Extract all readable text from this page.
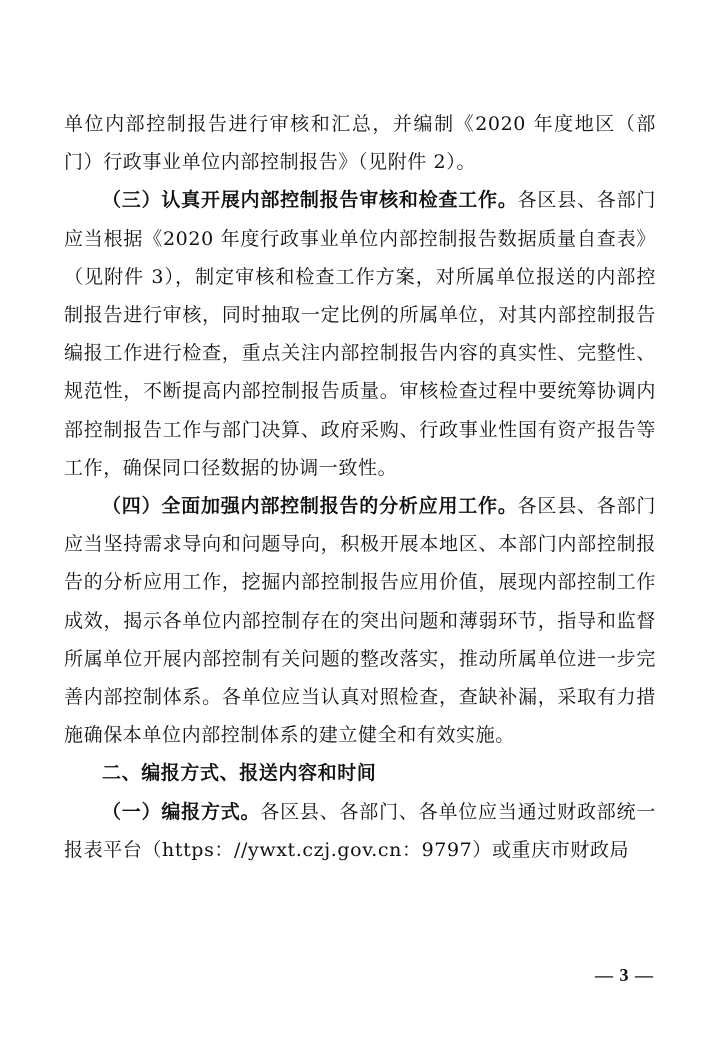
单位内部控制报告进行审核和汇总，并编制《2020 年度地区（部门）行政事业单位内部控制报告》（见附件 2）。

（三）认真开展内部控制报告审核和检查工作。各区县、各部门应当根据《2020 年度行政事业单位内部控制报告数据质量自查表》（见附件 3），制定审核和检查工作方案，对所属单位报送的内部控制报告进行审核，同时抽取一定比例的所属单位，对其内部控制报告编报工作进行检查，重点关注内部控制报告内容的真实性、完整性、规范性，不断提高内部控制报告质量。审核检查过程中要统筹协调内部控制报告工作与部门决算、政府采购、行政事业性国有资产报告等工作，确保同口径数据的协调一致性。

（四）全面加强内部控制报告的分析应用工作。各区县、各部门应当坚持需求导向和问题导向，积极开展本地区、本部门内部控制报告的分析应用工作，挖掘内部控制报告应用价值，展现内部控制工作成效，揭示各单位内部控制存在的突出问题和薄弱环节，指导和监督所属单位开展内部控制有关问题的整改落实，推动所属单位进一步完善内部控制体系。各单位应当认真对照检查，查缺补漏，采取有力措施确保本单位内部控制体系的建立健全和有效实施。

二、编报方式、报送内容和时间

（一）编报方式。各区县、各部门、各单位应当通过财政部统一报表平台（https：//ywxt.czj.gov.cn：9797）或重庆市财政局

— 3 —
